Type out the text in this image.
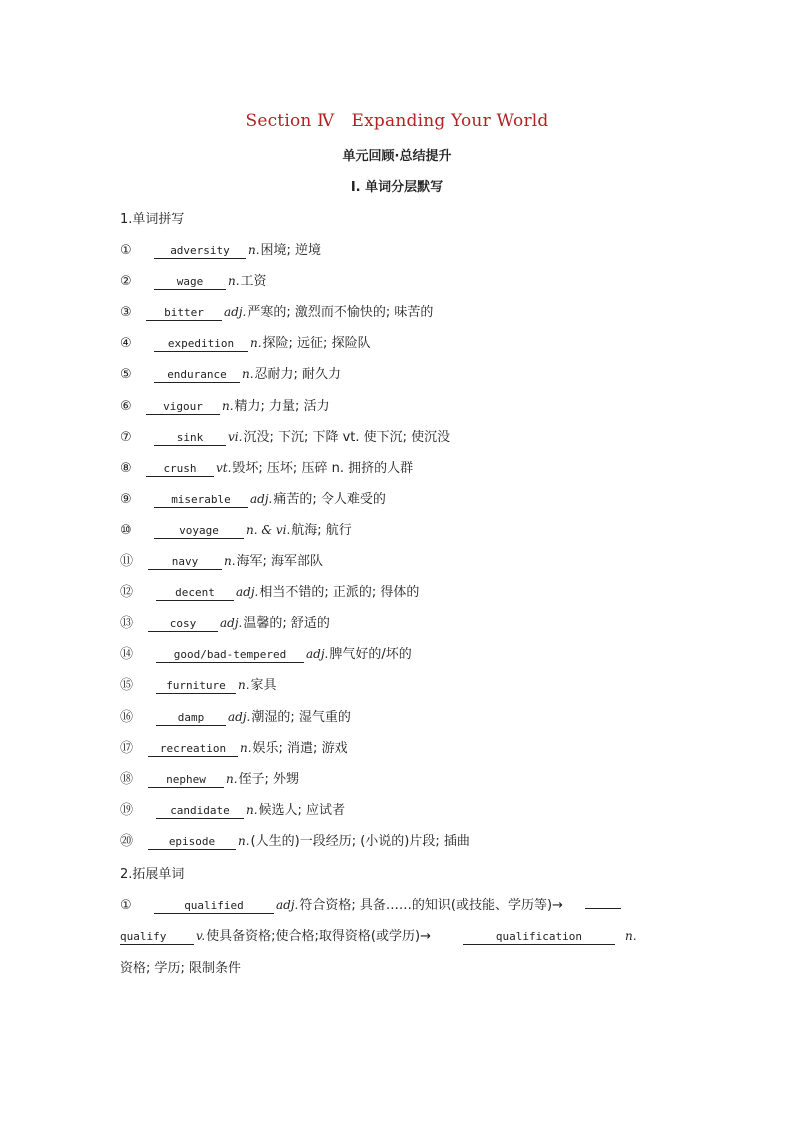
Section Ⅳ　Expanding Your World
单元回顾·总结提升
Ⅰ. 单词分层默写
1.单词拼写
①	adversity	n. 困境; 逆境
②	wage	n. 工资
③	bitter	adj. 严寒的; 激烈而不愉快的; 味苦的
④	expedition	n. 探险; 远征; 探险队
⑤	endurance	n. 忍耐力; 耐久力
⑥	vigour	n. 精力; 力量; 活力
⑦	sink	vi. 沉没; 下沉; 下降 vt. 使下沉; 使沉没
⑧	crush	vt. 毁坏; 压坏; 压碎 n. 拥挤的人群
⑨	miserable	adj. 痛苦的; 令人难受的
⑩	voyage	n. & vi. 航海; 航行
⑪	navy	n. 海军; 海军部队
⑫	decent	adj. 相当不错的; 正派的; 得体的
⑬	cosy	adj. 温馨的; 舒适的
⑭	good/bad-tempered	adj. 脾气好的/坏的
⑮	furniture	n. 家具
⑯	damp	adj. 潮湿的; 湿气重的
⑰	recreation	n. 娱乐; 消遣; 游戏
⑱	nephew	n. 侄子; 外甥
⑲	candidate	n. 候选人; 应试者
⑳	episode	n. (人生的)一段经历; (小说的)片段; 插曲
2.拓展单词
①	qualified	adj. 符合资格; 具备……的知识(或技能、学历等)→
qualify	v. 使具备资格;使合格;取得资格(或学历)→	qualification	n.
资格; 学历; 限制条件
